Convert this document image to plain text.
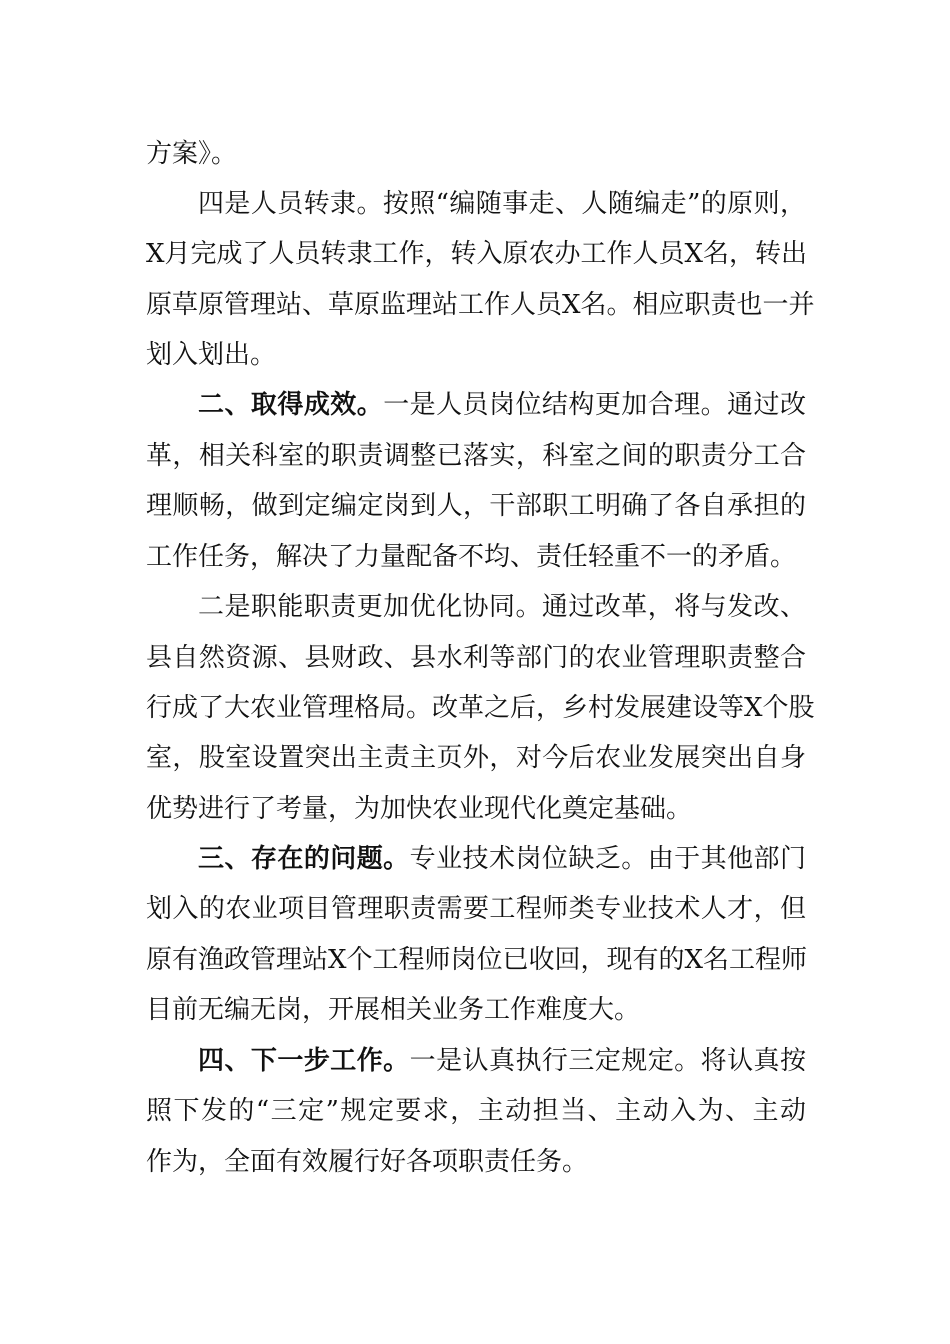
方案》。
四是人员转隶。按照“编随事走、人随编走”的原则，
X月完成了人员转隶工作，转入原农办工作人员X名，转出
原草原管理站、草原监理站工作人员X名。相应职责也一并
划入划出。
二、取得成效。一是人员岗位结构更加合理。通过改
革，相关科室的职责调整已落实，科室之间的职责分工合
理顺畅，做到定编定岗到人，干部职工明确了各自承担的
工作任务，解决了力量配备不均、责任轻重不一的矛盾。
二是职能职责更加优化协同。通过改革，将与发改、
县自然资源、县财政、县水利等部门的农业管理职责整合
行成了大农业管理格局。改革之后，乡村发展建设等X个股
室，股室设置突出主责主页外，对今后农业发展突出自身
优势进行了考量，为加快农业现代化奠定基础。
三、存在的问题。专业技术岗位缺乏。由于其他部门
划入的农业项目管理职责需要工程师类专业技术人才，但
原有渔政管理站X个工程师岗位已收回，现有的X名工程师
目前无编无岗，开展相关业务工作难度大。
四、下一步工作。一是认真执行三定规定。将认真按
照下发的“三定”规定要求，主动担当、主动入为、主动
作为，全面有效履行好各项职责任务。
